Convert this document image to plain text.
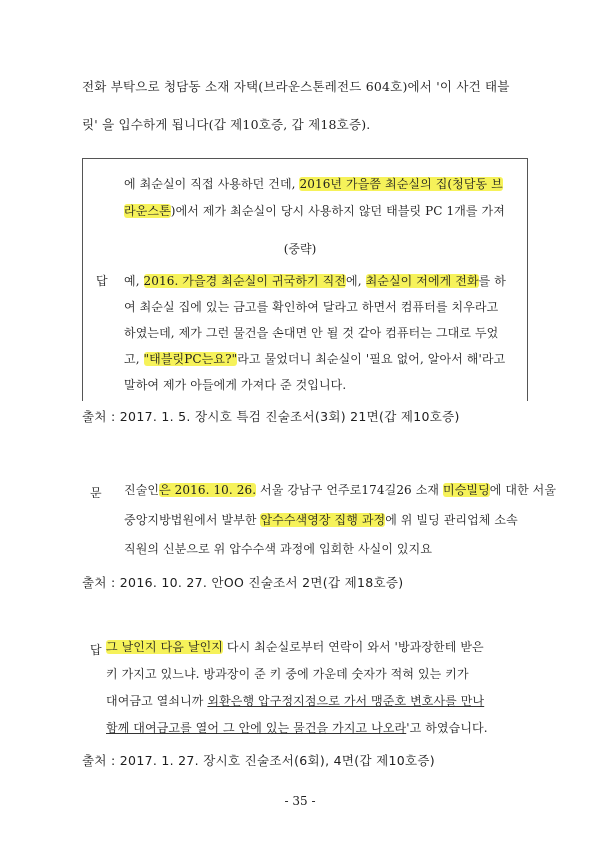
전화 부탁으로 청담동 소재 자택(브라운스톤레전드 604호)에서 '이 사건 태블
릿' 을 입수하게 됩니다(갑 제10호증, 갑 제18호증).
에 최순실이 직접 사용하던 건데, 2016년 가을쯤 최순실의 집(청담동 브
라운스톤)에서 제가 최순실이 당시 사용하지 않던 태블릿 PC 1개를 가져
(중략)
답 예, 2016. 가을경 최순실이 귀국하기 직전에, 최순실이 저에게 전화를 하
여 최순실 집에 있는 금고를 확인하여 달라고 하면서 컴퓨터를 치우라고
하였는데, 제가 그런 물건을 손대면 안 될 것 같아 컴퓨터는 그대로 두었
고, "태블릿PC는요?"라고 물었더니 최순실이 '필요 없어, 알아서 해'라고
말하여 제가 아들에게 가져다 준 것입니다.
출처 : 2017. 1. 5. 장시호 특검 진술조서(3회) 21면(갑 제10호증)
문 진술인은 2016. 10. 26. 서울 강남구 언주로174길26 소재 미승빌딩에 대한 서울
중앙지방법원에서 발부한 압수수색영장 집행 과정에 위 빌딩 관리업체 소속
직원의 신분으로 위 압수수색 과정에 입회한 사실이 있지요
출처 : 2016. 10. 27. 안OO 진술조서 2면(갑 제18호증)
답 그 날인지 다음 날인지 다시 최순실로부터 연락이 와서 '방과장한테 받은
키 가지고 있느냐. 방과장이 준 키 중에 가운데 숫자가 적혀 있는 키가
대여금고 열쇠니까 외환은행 압구정지점으로 가서 맹준호 변호사를 만나
함께 대여금고를 열어 그 안에 있는 물건을 가지고 나오라'고 하였습니다.
출처 : 2017. 1. 27. 장시호 진술조서(6회), 4면(갑 제10호증)
- 35 -
